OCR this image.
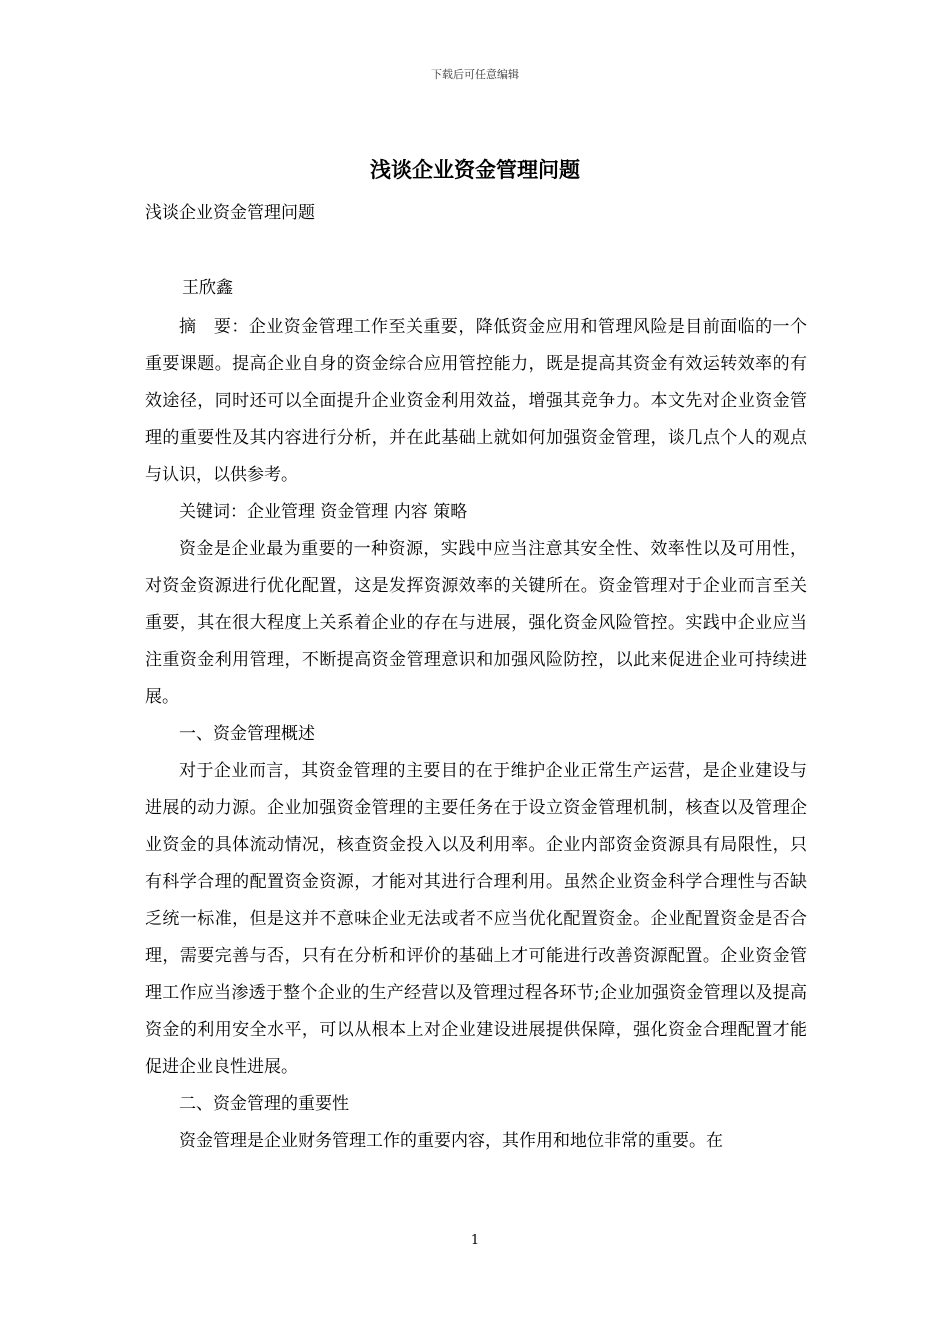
下载后可任意编辑
浅谈企业资金管理问题
浅谈企业资金管理问题
王欣鑫

摘　要：企业资金管理工作至关重要，降低资金应用和管理风险是目前面临的一个重要课题。提高企业自身的资金综合应用管控能力，既是提高其资金有效运转效率的有效途径，同时还可以全面提升企业资金利用效益，增强其竞争力。本文先对企业资金管理的重要性及其内容进行分析，并在此基础上就如何加强资金管理，谈几点个人的观点与认识，以供参考。

关键词：企业管理 资金管理 内容 策略

资金是企业最为重要的一种资源，实践中应当注意其安全性、效率性以及可用性，对资金资源进行优化配置，这是发挥资源效率的关键所在。资金管理对于企业而言至关重要，其在很大程度上关系着企业的存在与进展，强化资金风险管控。实践中企业应当注重资金利用管理，不断提高资金管理意识和加强风险防控，以此来促进企业可持续进展。

一、资金管理概述

对于企业而言，其资金管理的主要目的在于维护企业正常生产运营，是企业建设与进展的动力源。企业加强资金管理的主要任务在于设立资金管理机制，核查以及管理企业资金的具体流动情况，核查资金投入以及利用率。企业内部资金资源具有局限性，只有科学合理的配置资金资源，才能对其进行合理利用。虽然企业资金科学合理性与否缺乏统一标准，但是这并不意味企业无法或者不应当优化配置资金。企业配置资金是否合理，需要完善与否，只有在分析和评价的基础上才可能进行改善资源配置。企业资金管理工作应当渗透于整个企业的生产经营以及管理过程各环节;企业加强资金管理以及提高资金的利用安全水平，可以从根本上对企业建设进展提供保障，强化资金合理配置才能促进企业良性进展。

二、资金管理的重要性

资金管理是企业财务管理工作的重要内容，其作用和地位非常的重要。在

1
